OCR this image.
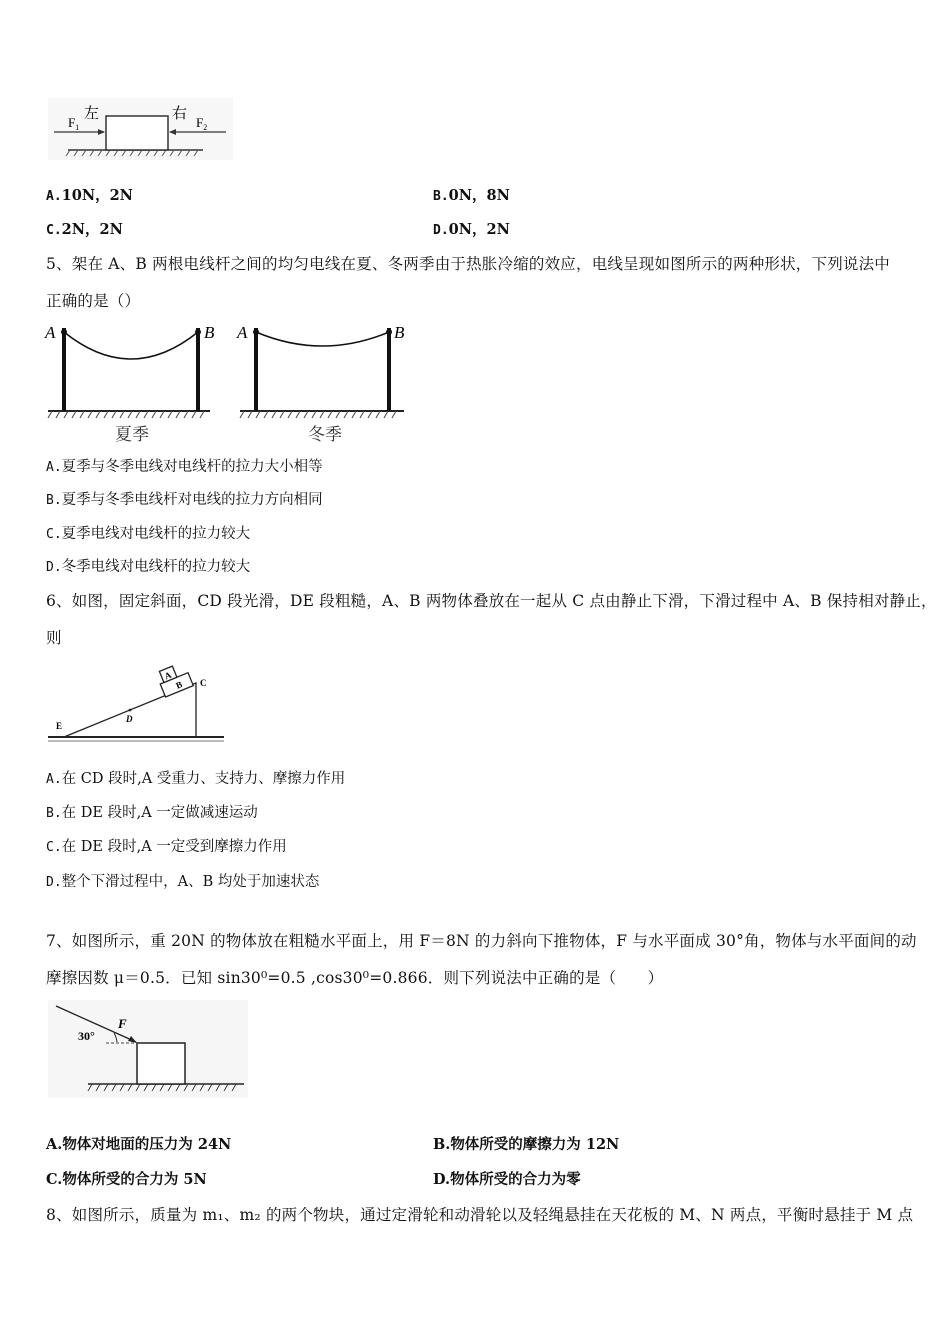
$F_1$
左	右
$F_2$
A.10N，2N	B.0N，8N
C.2N，2N	D.0N，2N
5、架在 A、B 两根电线杆之间的均匀电线在夏、冬两季由于热胀冷缩的效应，电线呈现如图所示的两种形状，下列说法中
正确的是（）
A	B
夏季
A	B
冬季
A.夏季与冬季电线对电线杆的拉力大小相等
B.夏季与冬季电线杆对电线的拉力方向相同
C.夏季电线对电线杆的拉力较大
D.冬季电线对电线杆的拉力较大
6、如图，固定斜面，CD 段光滑，DE 段粗糙，A、B 两物体叠放在一起从 C 点由静止下滑，下滑过程中 A、B 保持相对静止，
则
A
B C
D
E
A.在 CD 段时,A 受重力、支持力、摩擦力作用
B.在 DE 段时,A 一定做减速运动
C.在 DE 段时,A 一定受到摩擦力作用
D.整个下滑过程中，A、B 均处于加速状态
7、如图所示，重 20N 的物体放在粗糙水平面上，用 F＝8N 的力斜向下推物体，F 与水平面成 30°角，物体与水平面间的动
摩擦因数 μ＝0.5．已知 sin30⁰=0.5 ,cos30⁰=0.866．则下列说法中正确的是（　　）
30°
F
A.物体对地面的压力为 24N	B.物体所受的摩擦力为 12N
C.物体所受的合力为 5N	D.物体所受的合力为零
8、如图所示，质量为 m₁、m₂ 的两个物块，通过定滑轮和动滑轮以及轻绳悬挂在天花板的 M、N 两点，平衡时悬挂于 M 点
